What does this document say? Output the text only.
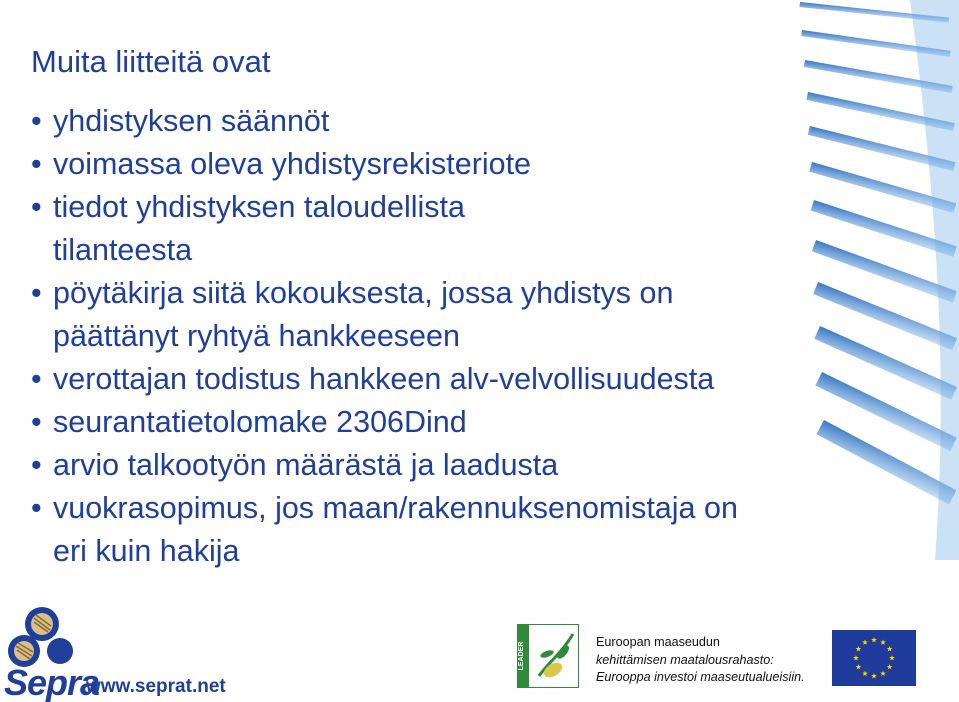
Muita liitteitä ovat
• yhdistyksen säännöt
• voimassa oleva yhdistysrekisteriote
• tiedot yhdistyksen taloudellista
tilanteesta
• pöytäkirja siitä kokouksesta, jossa yhdistys on
päättänyt ryhtyä hankkeeseen
• verottajan todistus hankkeen alv-velvollisuudesta
• seurantatietolomake 2306Dind
• arvio talkootyön määrästä ja laadusta
• vuokrasopimus, jos maan/rakennuksenomistaja on
eri kuin hakija
Sepra
www.seprat.net
LEADER	Euroopan maaseudun
kehittämisen maatalousrahasto:
Eurooppa investoi maaseutualueisiin.
